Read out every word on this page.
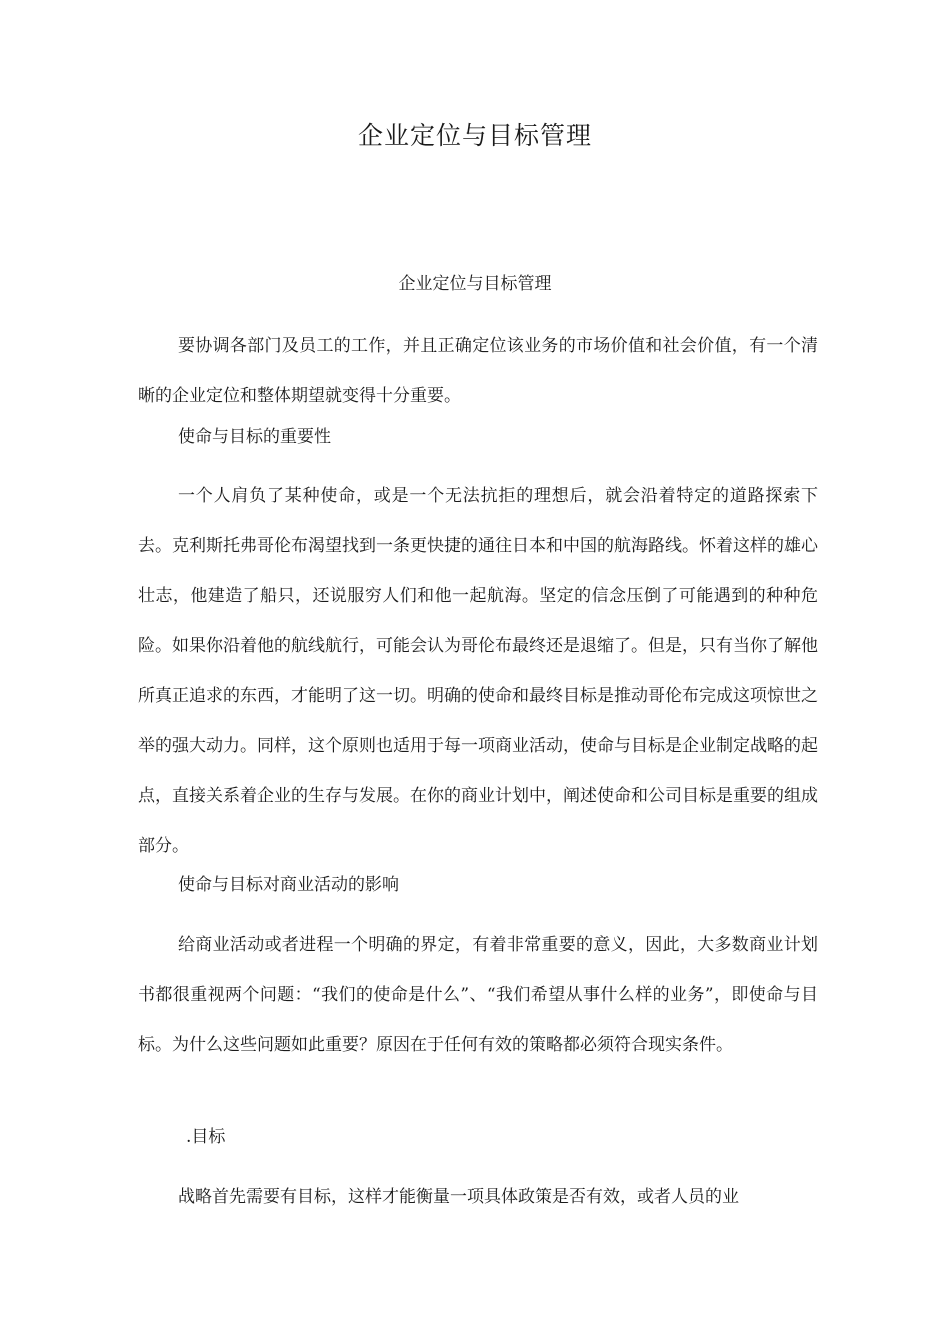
企业定位与目标管理
企业定位与目标管理

要协调各部门及员工的工作，并且正确定位该业务的市场价值和社会价值，有一个清晰的企业定位和整体期望就变得十分重要。

使命与目标的重要性

一个人肩负了某种使命，或是一个无法抗拒的理想后，就会沿着特定的道路探索下去。克利斯托弗哥伦布渴望找到一条更快捷的通往日本和中国的航海路线。怀着这样的雄心壮志，他建造了船只，还说服穷人们和他一起航海。坚定的信念压倒了可能遇到的种种危险。如果你沿着他的航线航行，可能会认为哥伦布最终还是退缩了。但是，只有当你了解他所真正追求的东西，才能明了这一切。明确的使命和最终目标是推动哥伦布完成这项惊世之举的强大动力。同样，这个原则也适用于每一项商业活动，使命与目标是企业制定战略的起点，直接关系着企业的生存与发展。在你的商业计划中，阐述使命和公司目标是重要的组成部分。

使命与目标对商业活动的影响

给商业活动或者进程一个明确的界定，有着非常重要的意义，因此，大多数商业计划书都很重视两个问题：“我们的使命是什么”、“我们希望从事什么样的业务”，即使命与目标。为什么这些问题如此重要？原因在于任何有效的策略都必须符合现实条件。

.目标

战略首先需要有目标，这样才能衡量一项具体政策是否有效，或者人员的业
